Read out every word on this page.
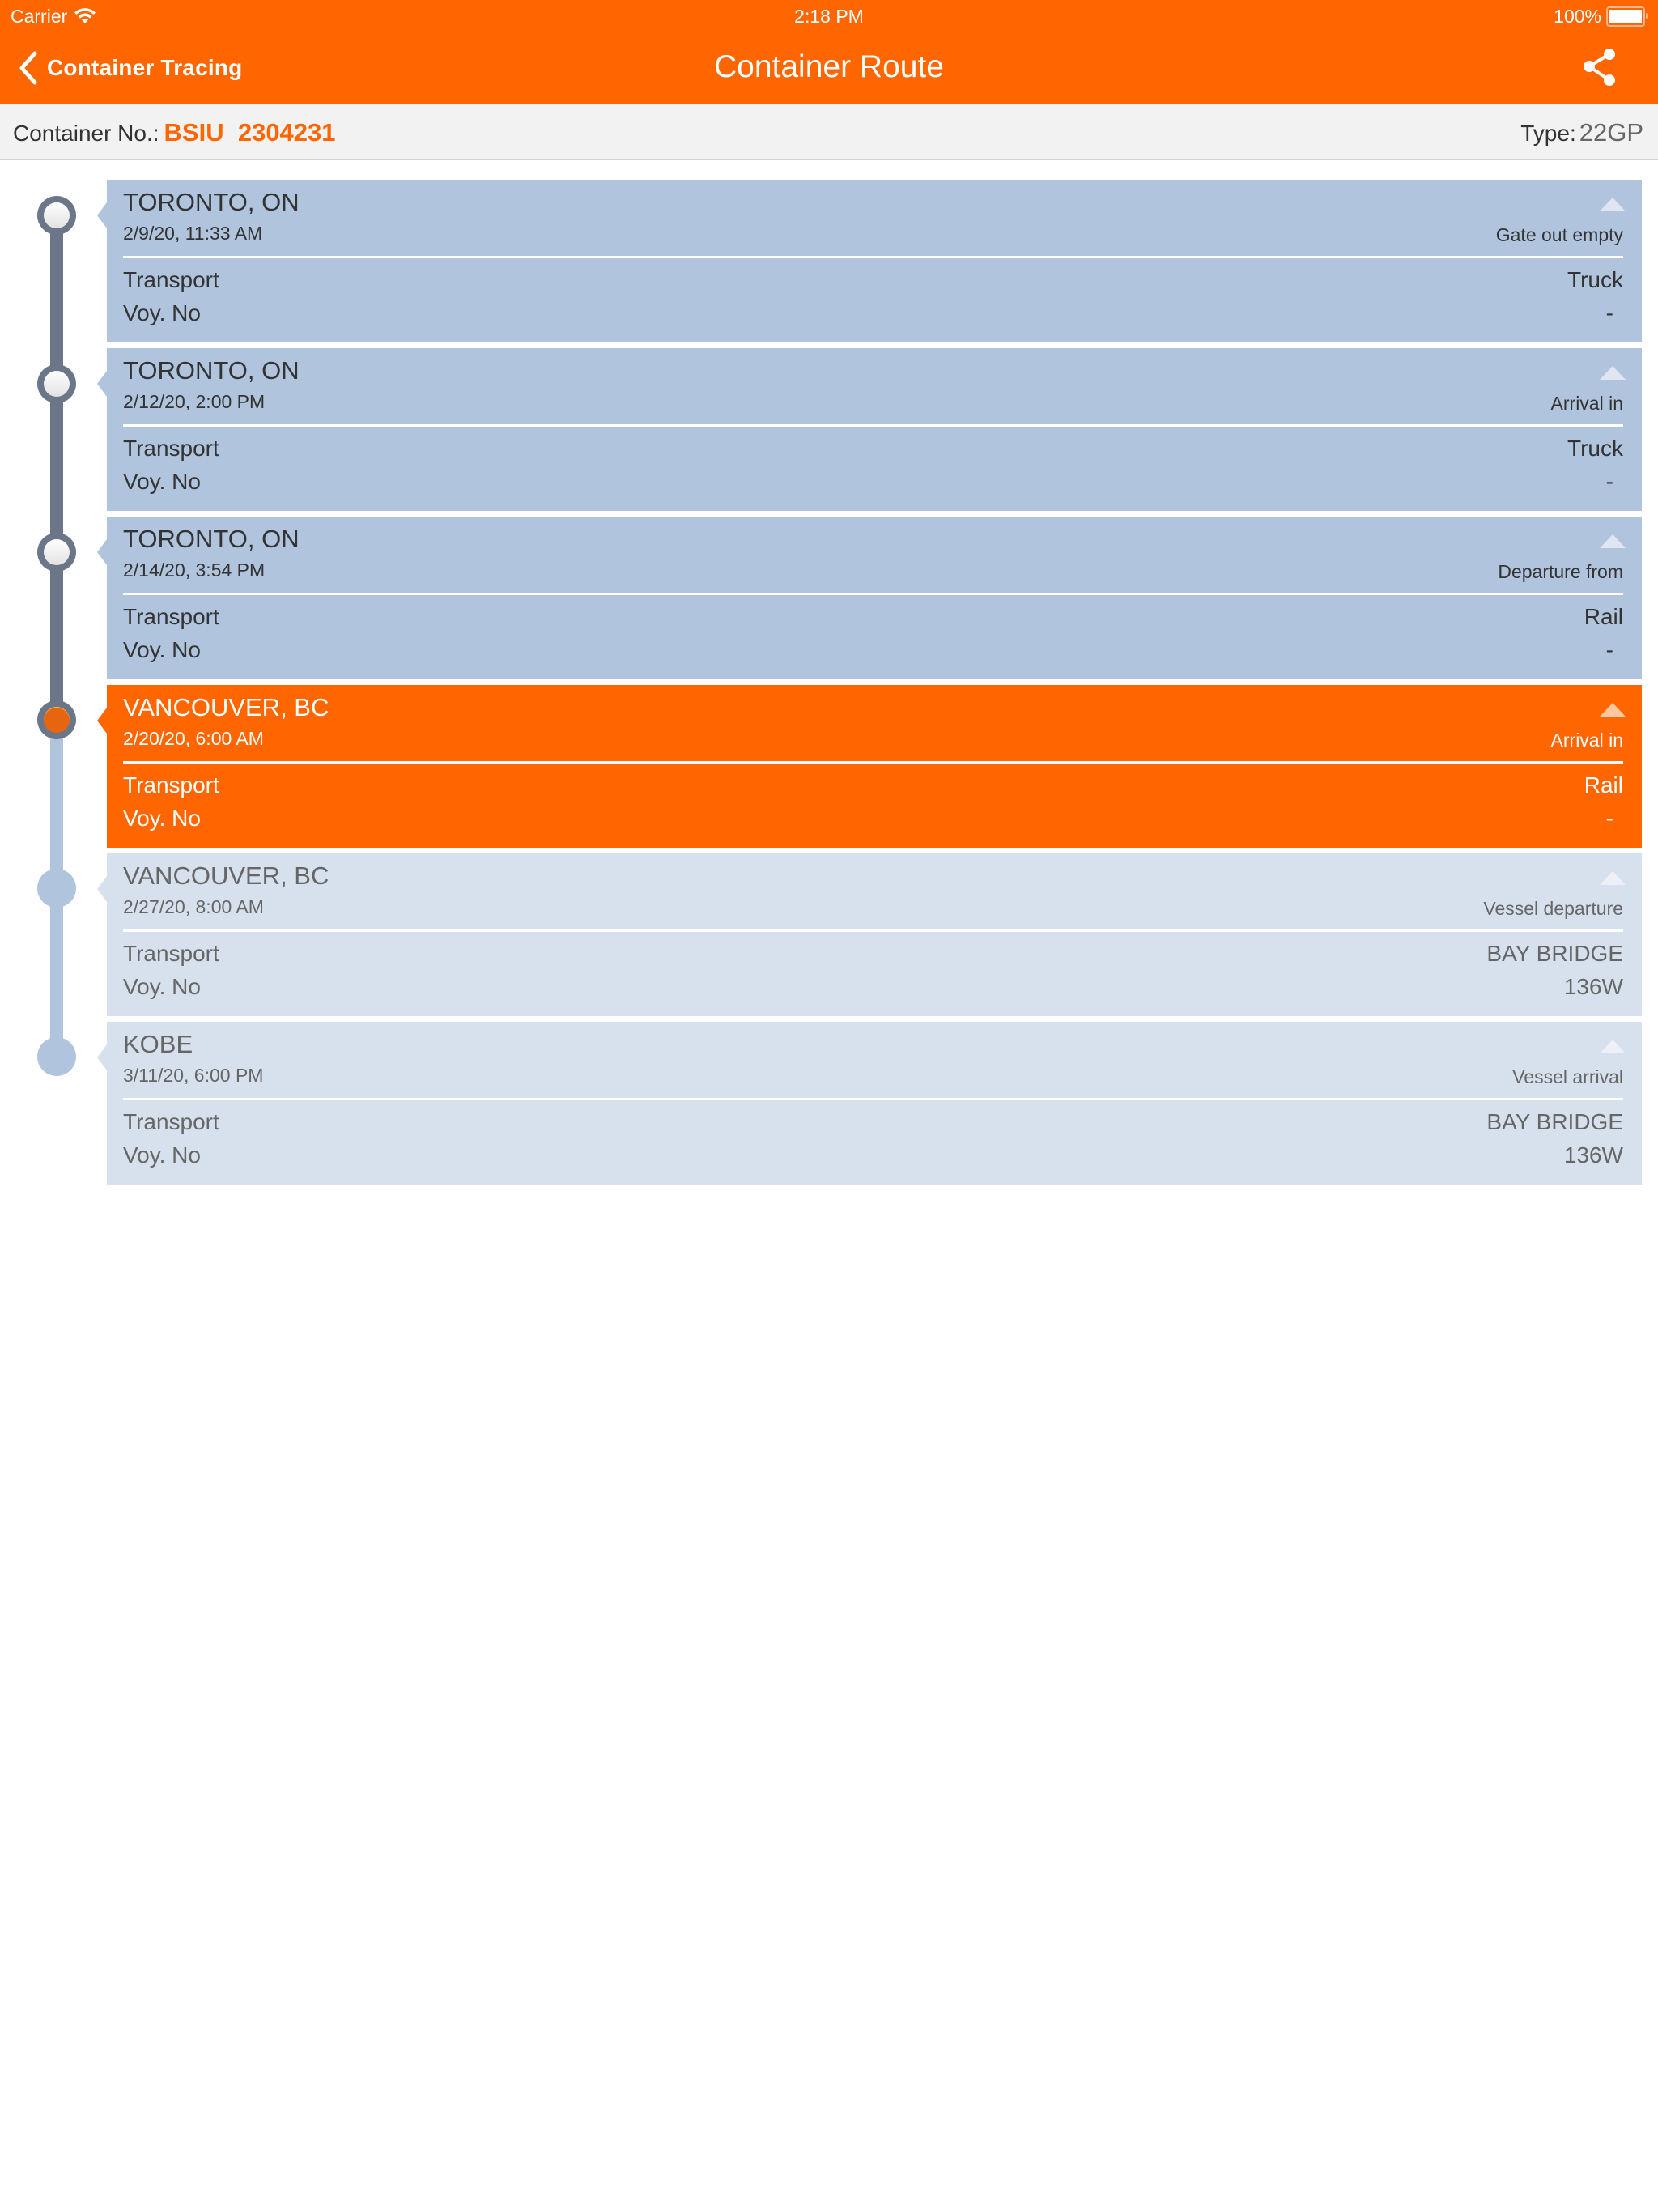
Carrier	2:18 PM	100%
Container Tracing	Container Route
Container No.: BSIU  2304231	Type: 22GP
TORONTO, ON
2/9/20, 11:33 AM	Gate out empty
Transport	Truck
Voy. No	-
TORONTO, ON
2/12/20, 2:00 PM	Arrival in
Transport	Truck
Voy. No	-
TORONTO, ON
2/14/20, 3:54 PM	Departure from
Transport	Rail
Voy. No	-
VANCOUVER, BC
2/20/20, 6:00 AM	Arrival in
Transport	Rail
Voy. No	-
VANCOUVER, BC
2/27/20, 8:00 AM	Vessel departure
Transport	BAY BRIDGE
Voy. No	136W
KOBE
3/11/20, 6:00 PM	Vessel arrival
Transport	BAY BRIDGE
Voy. No	136W
